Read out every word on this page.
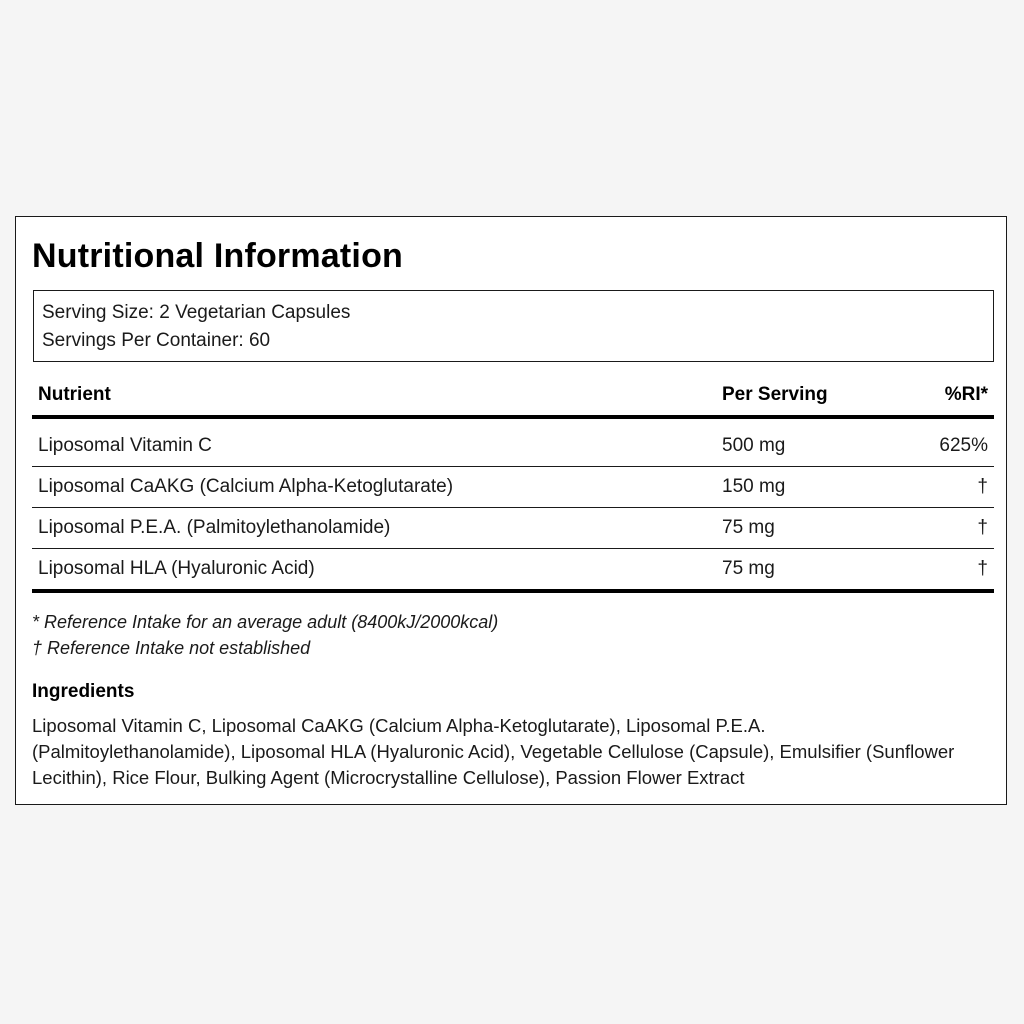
Nutritional Information
Serving Size: 2 Vegetarian Capsules
Servings Per Container: 60
Nutrient	Per Serving	%RI*
Liposomal Vitamin C	500 mg	625%
Liposomal CaAKG (Calcium Alpha-Ketoglutarate)	150 mg	†
Liposomal P.E.A. (Palmitoylethanolamide)	75 mg	†
Liposomal HLA (Hyaluronic Acid)	75 mg	†
* Reference Intake for an average adult (8400kJ/2000kcal)
† Reference Intake not established
Ingredients
Liposomal Vitamin C, Liposomal CaAKG (Calcium Alpha-Ketoglutarate), Liposomal P.E.A. (Palmitoylethanolamide), Liposomal HLA (Hyaluronic Acid), Vegetable Cellulose (Capsule), Emulsifier (Sunflower Lecithin), Rice Flour, Bulking Agent (Microcrystalline Cellulose), Passion Flower Extract
